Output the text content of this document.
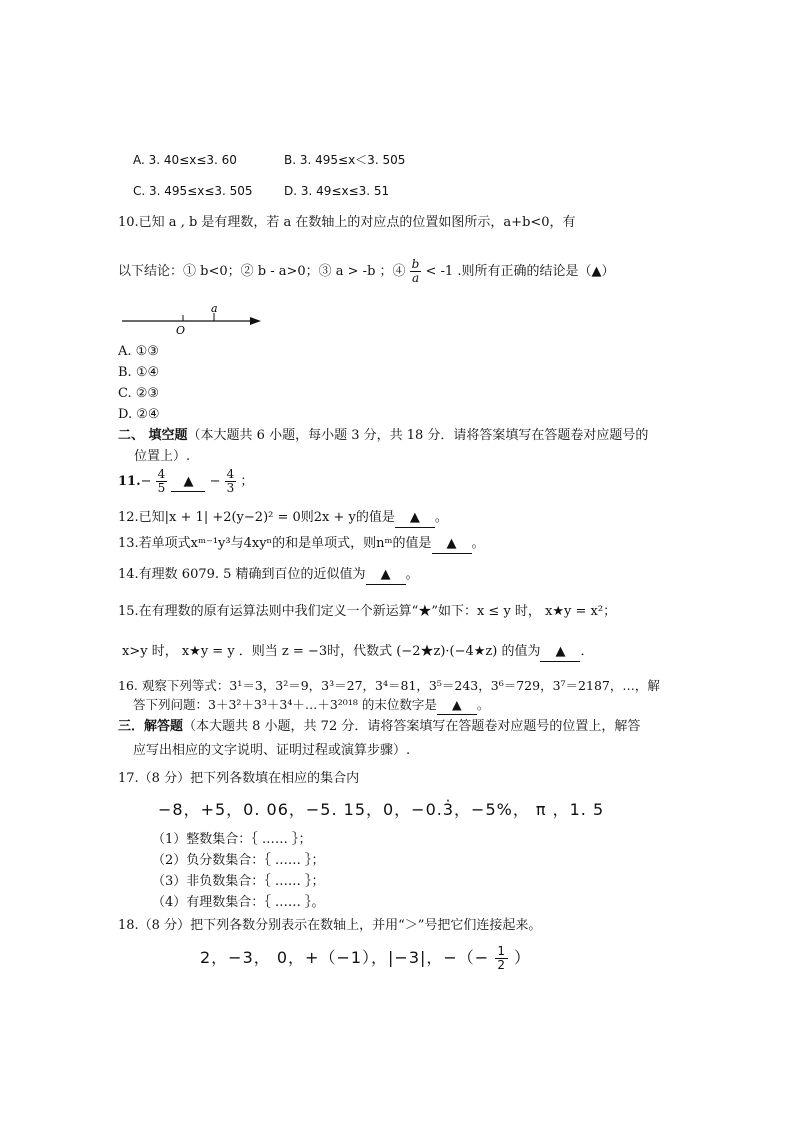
A. 3. 40≤x≤3. 60	B. 3. 495≤x＜3. 505
C. 3. 495≤x≤3. 505	D. 3. 49≤x≤3. 51
10.已知 a , b 是有理数，若 a 在数轴上的对应点的位置如图所示，a+b<0，有
以下结论：① b<0；② b - a>0；③ a > -b ；④ $\frac{b}{a} < -1$ .则所有正确的结论是（▲）
a
O
A. ①③
B. ①④
C. ②③
D. ②④
二、 填空题（本大题共 6 小题，每小题 3 分，共 18 分．请将答案填写在答题卷对应题号的
位置上）.
$11.- \frac{4}{5}$ ▲ − $\frac{4}{3}$ ；
12.已知|x + 1| +2(y−2)² = 0则2x + y的值是 ▲ 。
13.若单项式xᵐ⁻¹y³与4xyⁿ的和是单项式，则nᵐ的值是 ▲ 。
14.有理数 6079. 5 精确到百位的近似值为 ▲ 。
15.在有理数的原有运算法则中我们定义一个新运算“★”如下：x ≤ y 时， x★y = x²；
x>y 时， x★y = y ．则当 z = −3时，代数式 (−2★z)·(−4★z) 的值为 ▲ ．
16. 观察下列等式：3¹＝3，3²＝9，3³＝27，3⁴＝81，3⁵＝243，3⁶＝729，3⁷＝2187，…，解
答下列问题：3＋3²＋3³＋3⁴＋…＋3²⁰¹⁸ 的末位数字是 ▲ 。
三．解答题（本大题共 8 小题，共 72 分．请将答案填写在答题卷对应题号的位置上，解答
应写出相应的文字说明、证明过程或演算步骤）.
17.（8 分）把下列各数填在相应的集合内
−8，+5，0. 06，−5. 15，0，−0.3̇，−5%， π ，1. 5
（1）整数集合：｛ …… ｝；
（2）负分数集合：｛ …… ｝；
（3）非负数集合：｛ …… ｝；
（4）有理数集合：｛ …… ｝。
18.（8 分）把下列各数分别表示在数轴上，并用“＞”号把它们连接起来。
2，−3， 0，+（−1），|−3|，−（− $\frac{1}{2}$ ）
